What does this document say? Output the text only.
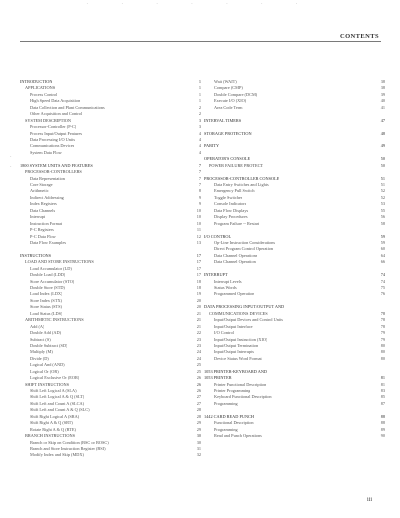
· · · · · · ·
CONTENTS
·
·
INTRODUCTION	1
APPLICATIONS	1
Process Control	1
High Speed Data Acquisition	1
Data Collection and Plant Communications	2
Other Acquisition and Control	2
SYSTEM DESCRIPTION	3
Processor-Controller (P-C)	3
Process Input/Output Features	4
Data Processing I/O Units	4
Communications Devices	4
System Data Flow	4
1800 SYSTEM UNITS AND FEATURES	7
PROCESSOR-CONTROLLERS	7
Data Representation	7
Core Storage	7
Arithmetic	8
Indirect Addressing	9
Index Registers	9
Data Channels	10
Interrupt	10
Instruction Format	10
P-C Registers	11
P-C Data Flow	12
Data Flow Examples	13
INSTRUCTIONS	17
LOAD AND STORE INSTRUCTIONS	17
Load Accumulator (LD)	17
Double Load (LDD)	17
Store Accumulator (STO)	18
Double Store (STD)	18
Load Index (LDX)	19
Store Index (STX)	20
Store Status (STS)	20
Load Status (LDS)	21
ARITHMETIC INSTRUCTIONS	21
Add (A)	21
Double Add (AD)	22
Subtract (S)	23
Double Subtract (SD)	23
Multiply (M)	24
Divide (D)	24
Logical And (AND)	25
Logical Or (OR)	25
Logical Exclusive Or (EOR)	26
SHIFT INSTRUCTIONS	26
Shift Left Logical A (SLA)	26
Shift Left Logical A & Q (SLT)	27
Shift Left and Count A (SLCA)	27
Shift Left and Count A & Q (SLC)	28
Shift Right Logical A (SRA)	28
Shift Right A & Q (SRT)	29
Rotate Right A & Q (RTE)	29
BRANCH INSTRUCTIONS	30
Branch or Skip on Condition (BSC or BOSC)	30
Branch and Store Instruction Register (BSI)	31
Modify Index and Skip (MDX)	32
Wait (WAIT)	38
Compare (CMP)	38
Double Compare (DCM)	39
Execute I/O (XIO)	40
Area Code Term	41
INTERVAL TIMERS	47
STORAGE PROTECTION	48
PARITY	49
OPERATOR'S CONSOLE	50
POWER FAILURE PROTECT	50
PROCESSOR-CONTROLLER CONSOLE	51
Data Entry Switches and Lights	51
Emergency Pull Switch	52
Toggle Switches	52
Console Indicators	53
Data Flow Displays	55
Display Procedures	56
Program Failure -- Restart	58
I/O CONTROL	59
Op-Line Instruction Considerations	59
Direct Program Control Operation	60
Data Channel Operations	64
Data Channel Operation	66
INTERRUPT	74
Interrupt Levels	74
Status Words	75
Programmed Operation	76
DATA PROCESSING INPUT/OUTPUT AND
COMMUNICATIONS DEVICES	78
Input/Output Devices and Control Units	78
Input/Output Interface	78
I/O Control	79
Input/Output Instruction (XIO)	79
Input/Output Termination	80
Input/Output Interrupts	80
Device Status Word Format	80
1053 PRINTER-KEYBOARD AND
1053 PRINTER	81
Printer Functional Description	81
Printer Programming	83
Keyboard Functional Description	85
Programming	87
1442 CARD READ PUNCH	88
Functional Description	88
Programming	89
Read and Punch Operations	90
iii
